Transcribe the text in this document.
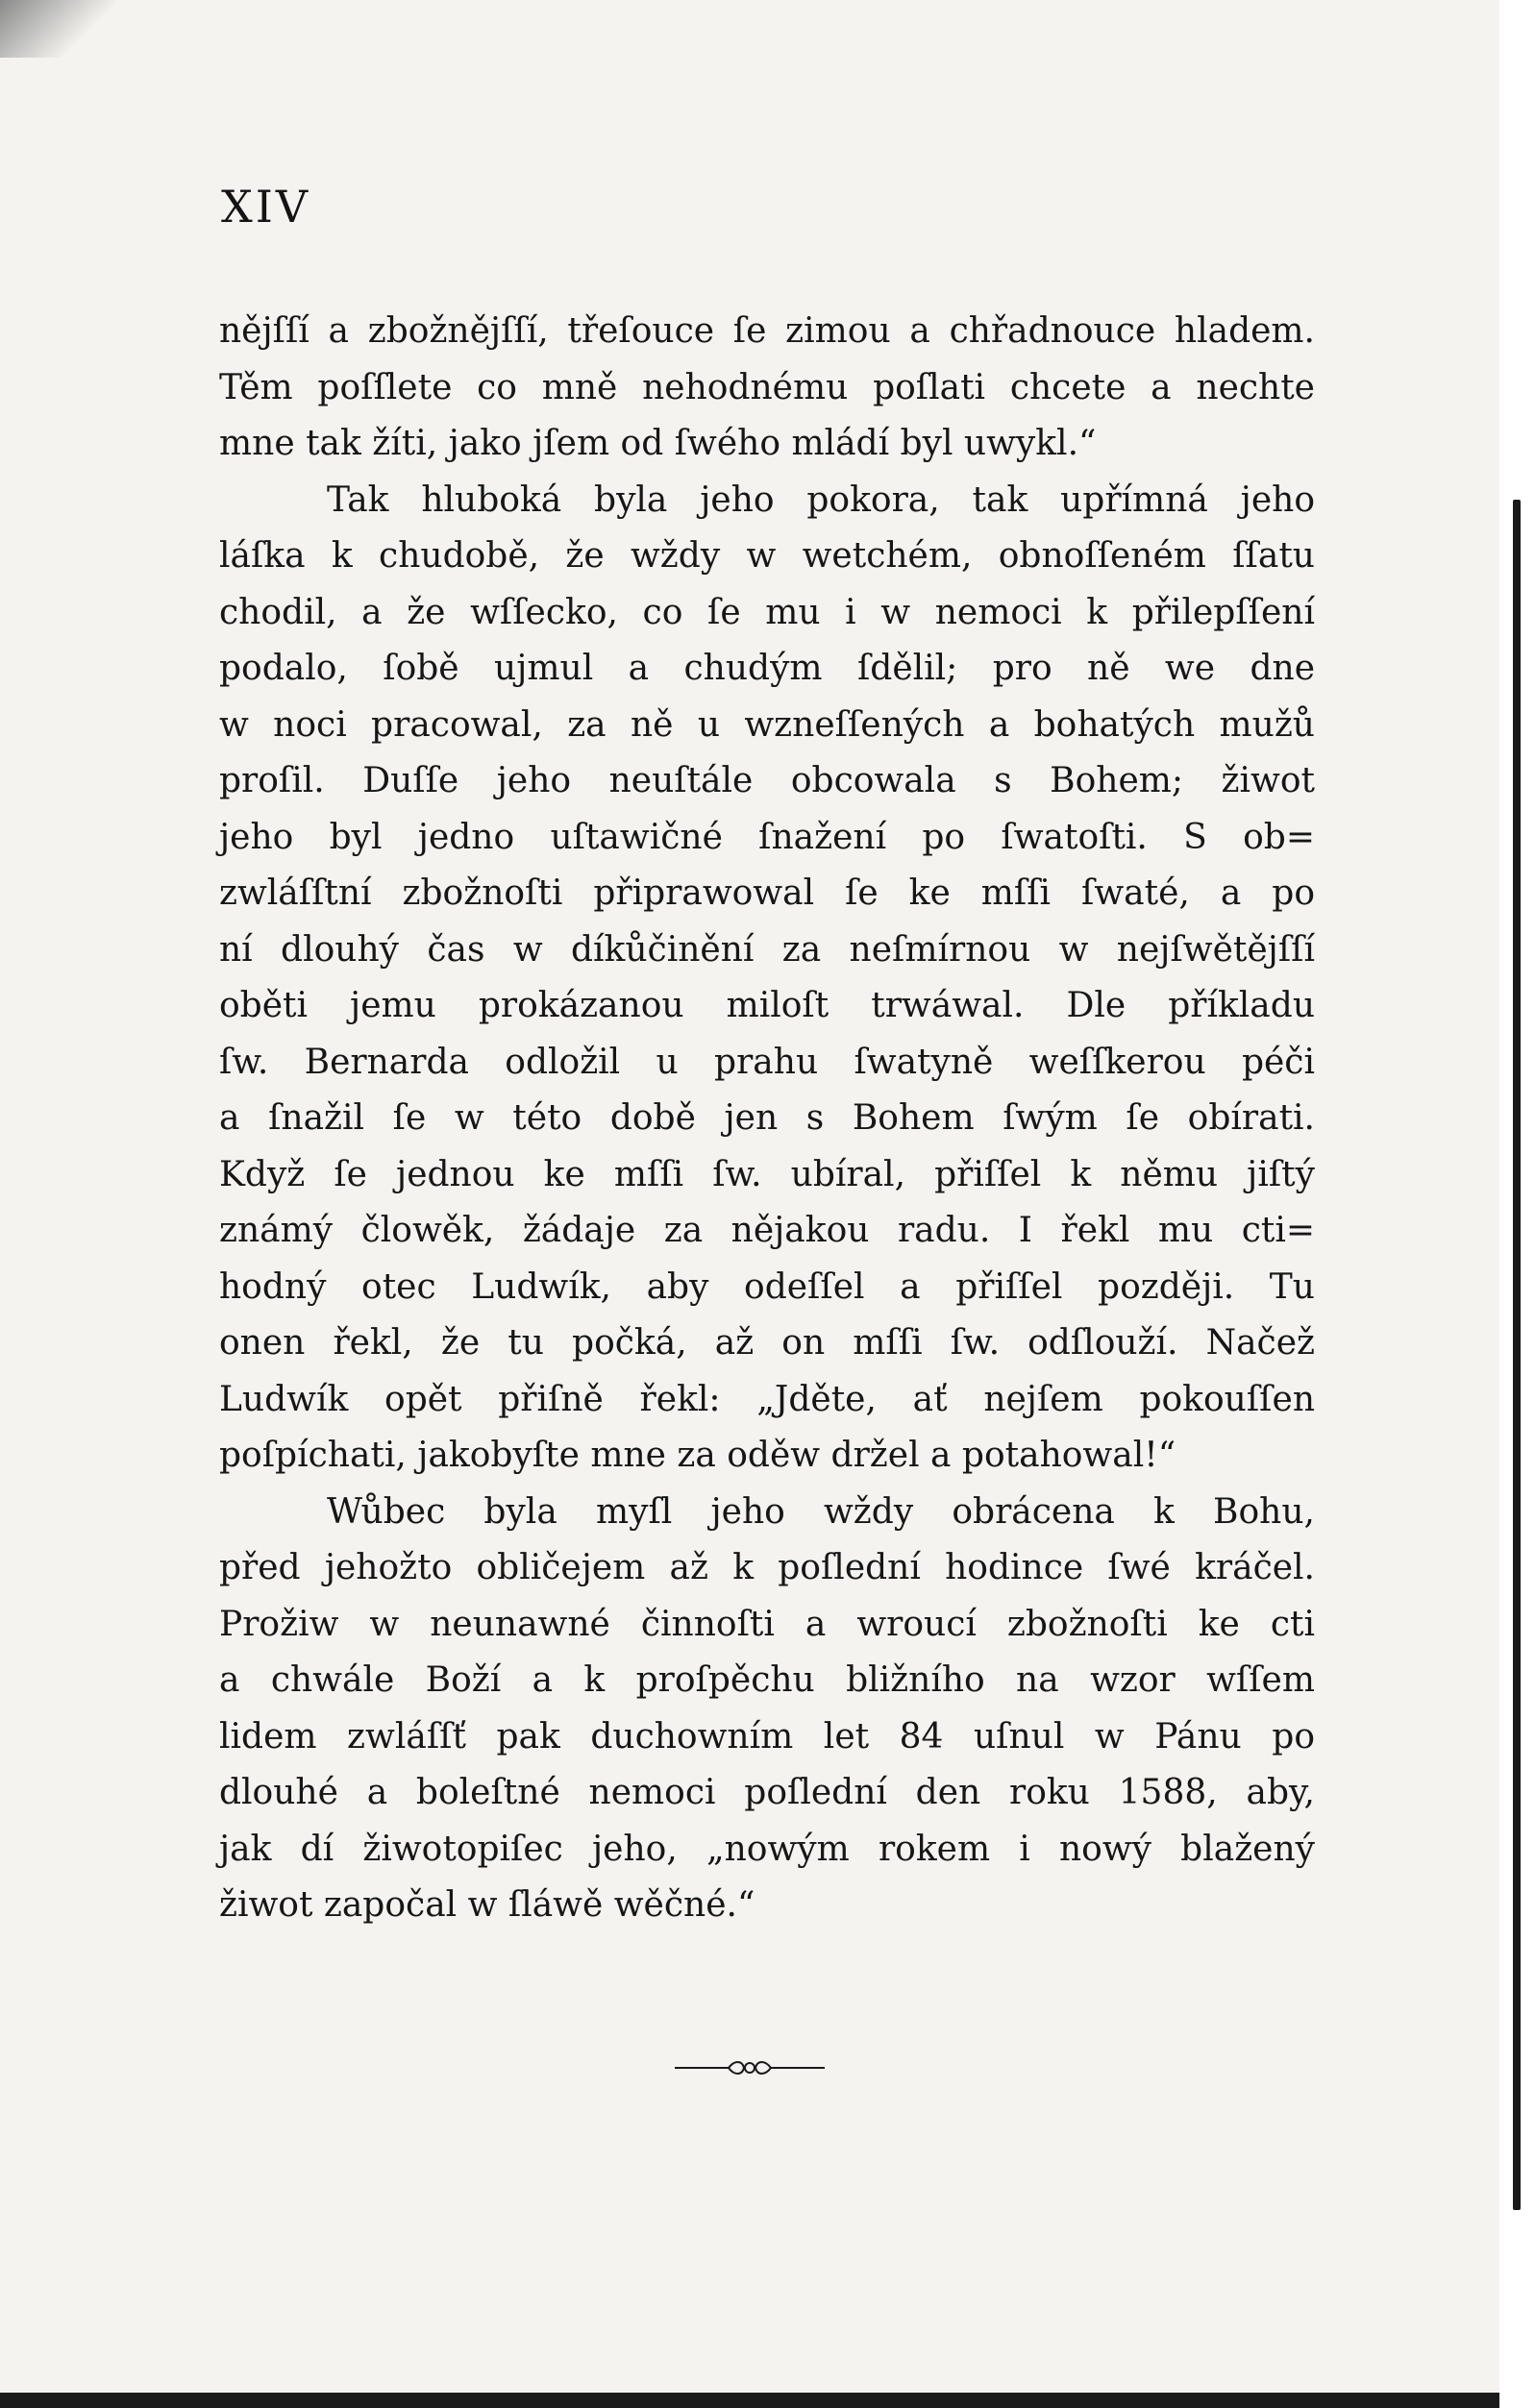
XIV
nějſſí a zbožnějſſí, třeſouce ſe zimou a chřadnouce hladem.
Těm poſſlete co mně nehodnému poſlati chcete a nechte
mne tak žíti, jako jſem od ſwého mládí byl uwykl.“
Tak hluboká byla jeho pokora, tak upřímná jeho
láſka k chudobě, že wždy w wetchém, obnoſſeném ſſatu
chodil, a že wſſecko, co ſe mu i w nemoci k přilepſſení
podalo, ſobě ujmul a chudým ſdělil; pro ně we dne
w noci pracowal, za ně u wzneſſených a bohatých mužů
proſil. Duſſe jeho neuſtále obcowala s Bohem; žiwot
jeho byl jedno uſtawičné ſnažení po ſwatoſti. S ob=
zwláſſtní zbožnoſti připrawowal ſe ke mſſi ſwaté, a po
ní dlouhý čas w díkůčinění za neſmírnou w nejſwětějſſí
oběti jemu prokázanou miloſt trwáwal. Dle příkladu
ſw. Bernarda odložil u prahu ſwatyně weſſkerou péči
a ſnažil ſe w této době jen s Bohem ſwým ſe obírati.
Když ſe jednou ke mſſi ſw. ubíral, přiſſel k němu jiſtý
známý člowěk, žádaje za nějakou radu. I řekl mu cti=
hodný otec Ludwík, aby odeſſel a přiſſel později. Tu
onen řekl, že tu počká, až on mſſi ſw. odſlouží. Načež
Ludwík opět přiſně řekl: „Jděte, ať nejſem pokouſſen
poſpíchati, jakobyſte mne za oděw držel a potahowal!“
Wůbec byla myſl jeho wždy obrácena k Bohu,
před jehožto obličejem až k poſlední hodince ſwé kráčel.
Prožiw w neunawné činnoſti a wroucí zbožnoſti ke cti
a chwále Boží a k proſpěchu bližního na wzor wſſem
lidem zwláſſť pak duchowním let 84 uſnul w Pánu po
dlouhé a boleſtné nemoci poſlední den roku 1588, aby,
jak dí žiwotopiſec jeho, „nowým rokem i nowý blažený
žiwot započal w ſláwě wěčné.“
